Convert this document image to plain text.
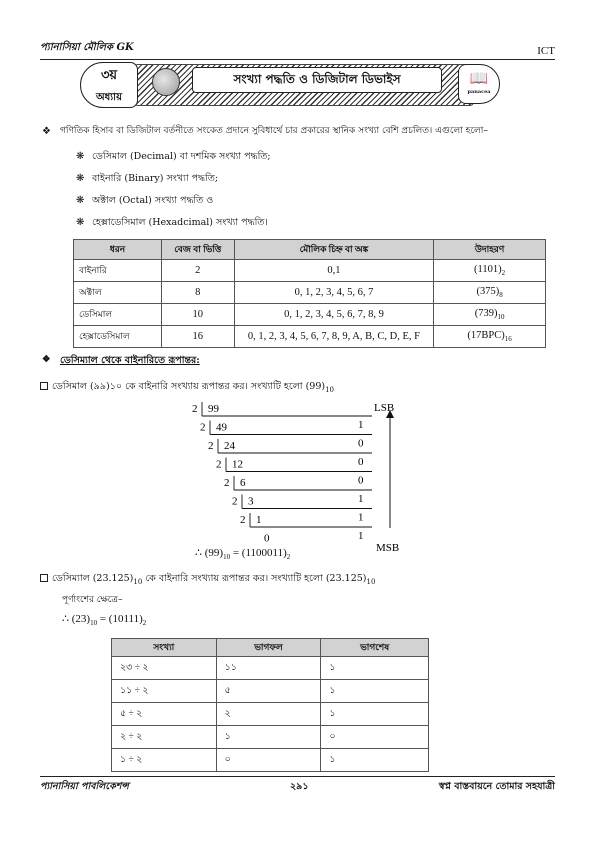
প্যানাসিয়া মৌলিক GK	ICT
৩য়
অধ্যায়
সংখ্যা পদ্ধতি ও ডিজিটাল ডিভাইস	📖
panacea
❖ গণিতিক হিসাব বা ডিজিটাল বর্তনীতে সংকেত প্রদানে সুবিধার্থে চার প্রকারের স্থানিক সংখ্যা বেশি প্রচলিত। এগুলো হলো–
❋ ডেসিমাল (Decimal) বা দশমিক সংখ্যা পদ্ধতি;
❋ বাইনারি (Binary) সংখ্যা পদ্ধতি;
❋ অক্টাল (Octal) সংখ্যা পদ্ধতি ও
❋ হেক্সাডেসিমাল (Hexadcimal) সংখ্যা পদ্ধতি।
ধরন	বেজ বা ভিত্তি	মৌলিক চিহ্ন বা অঙ্ক	উদাহরণ
বাইনারি	2	0,1	$(1101)_2$
অক্টাল	8	0, 1, 2, 3, 4, 5, 6, 7	$(375)_8$
ডেসিমাল	10	0, 1, 2, 3, 4, 5, 6, 7, 8, 9	$(739)_{10}$
হেক্সাডেসিমাল	16	0, 1, 2, 3, 4, 5, 6, 7, 8, 9, A, B, C, D, E, F	$(17BPC)_{16}$
❖ ডেসিম্যাল থেকে বাইনারিতে রূপান্তর:
ডেসিমাল (৯৯)১০ কে বাইনারি সংখ্যায় রূপান্তর কর। সংখ্যাটি হলো $(99)_{10}$
2 99
1
2 49
0
2 24
0
2 12
0
2 6
1
2 3
1
2 1
1
0
LSB
MSB
∴ $(99)_{10} = (1100011)_2$
ডেসিম্যাল $(23.125)_{10}$ কে বাইনারি সংখ্যায় রূপান্তর কর। সংখ্যাটি হলো $(23.125)_{10}$
পূর্ণাংশের ক্ষেত্রে–
∴ $(23)_{10} = (10111)_2$
সংখ্যা	ভাগফল	ভাগশেষ
২৩ ÷ ২	১১	১
১১ ÷ ২	৫	১
৫ ÷ ২	২	১
২ ÷ ২	১	০
১ ÷ ২	০	১
প্যানাসিয়া পাবলিকেশন্স	২৯১	স্বপ্ন বাস্তবায়নে তোমার সহযাত্রী
